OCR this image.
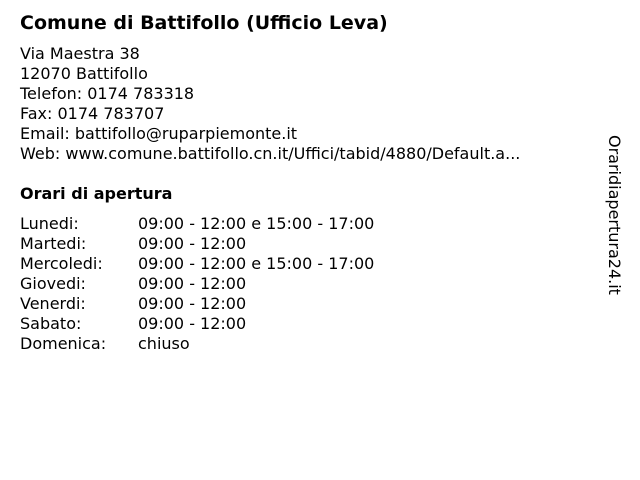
Comune di Battifollo (Ufficio Leva)
Via Maestra 38
12070 Battifollo
Telefon: 0174 783318
Fax: 0174 783707
Email: battifollo@ruparpiemonte.it
Web: www.comune.battifollo.cn.it/Uffici/tabid/4880/Default.a...
Orari di apertura
Lunedi:	09:00 - 12:00 e 15:00 - 17:00
Martedi:	09:00 - 12:00
Mercoledi: 09:00 - 12:00 e 15:00 - 17:00
Giovedi:	09:00 - 12:00
Venerdi:	09:00 - 12:00
Sabato:	09:00 - 12:00
Domenica: chiuso
Oraridiapertura24.it
